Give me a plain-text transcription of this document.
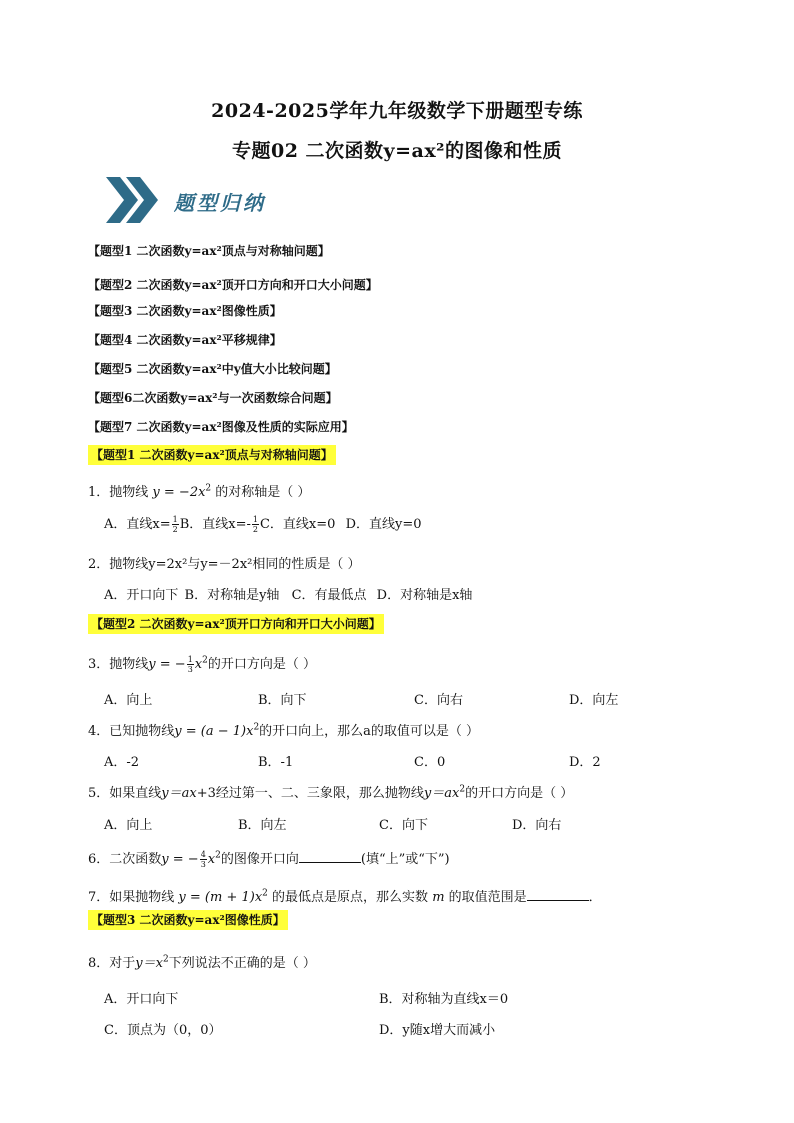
2024-2025学年九年级数学下册题型专练
专题02 二次函数y=ax²的图像和性质
题型归纳
【题型1 二次函数y=ax²顶点与对称轴问题】
【题型2 二次函数y=ax²顶开口方向和开口大小问题】
【题型3 二次函数y=ax²图像性质】
【题型4 二次函数y=ax²平移规律】
【题型5 二次函数y=ax²中y值大小比较问题】
【题型6二次函数y=ax²与一次函数综合问题】
【题型7 二次函数y=ax²图像及性质的实际应用】
【题型1 二次函数y=ax²顶点与对称轴问题】
1．抛物线 $y = -2x^2$ 的对称轴是（ ）
A．直线$x= \frac{1}{2}$ B．直线$x=- \frac{1}{2}$ C．直线x=0 D．直线y=0
2．抛物线y=2x²与y=－2x²相同的性质是（ ）
A．开口向下 B．对称轴是y轴 C．有最低点 D．对称轴是x轴
【题型2 二次函数y=ax²顶开口方向和开口大小问题】
3．抛物线y = − $\frac{1}{3} x^2$的开口方向是（ ）
A．向上	B．向下	C．向右	D．向左
4．已知抛物线$y = (a - 1)x^2$的开口向上，那么a的取值可以是（ ）
A．-2	B．-1	C．0	D．2
5．如果直线y＝ax+3经过第一、二、三象限，那么抛物线$y=ax^2$的开口方向是（ ）
A．向上	B．向左	C．向下	D．向右
6．二次函数y = − $\frac{4}{3} x^2$的图像开口向	(填“上”或“下”)
7．如果抛物线 $y = (m + 1)x^2$ 的最低点是原点，那么实数 m 的取值范围是	．
【题型3 二次函数y=ax²图像性质】
8．对于$y=x^2$下列说法不正确的是（ ）
A．开口向下	B．对称轴为直线x＝0
C．顶点为（0，0）	D．y随x增大而减小
